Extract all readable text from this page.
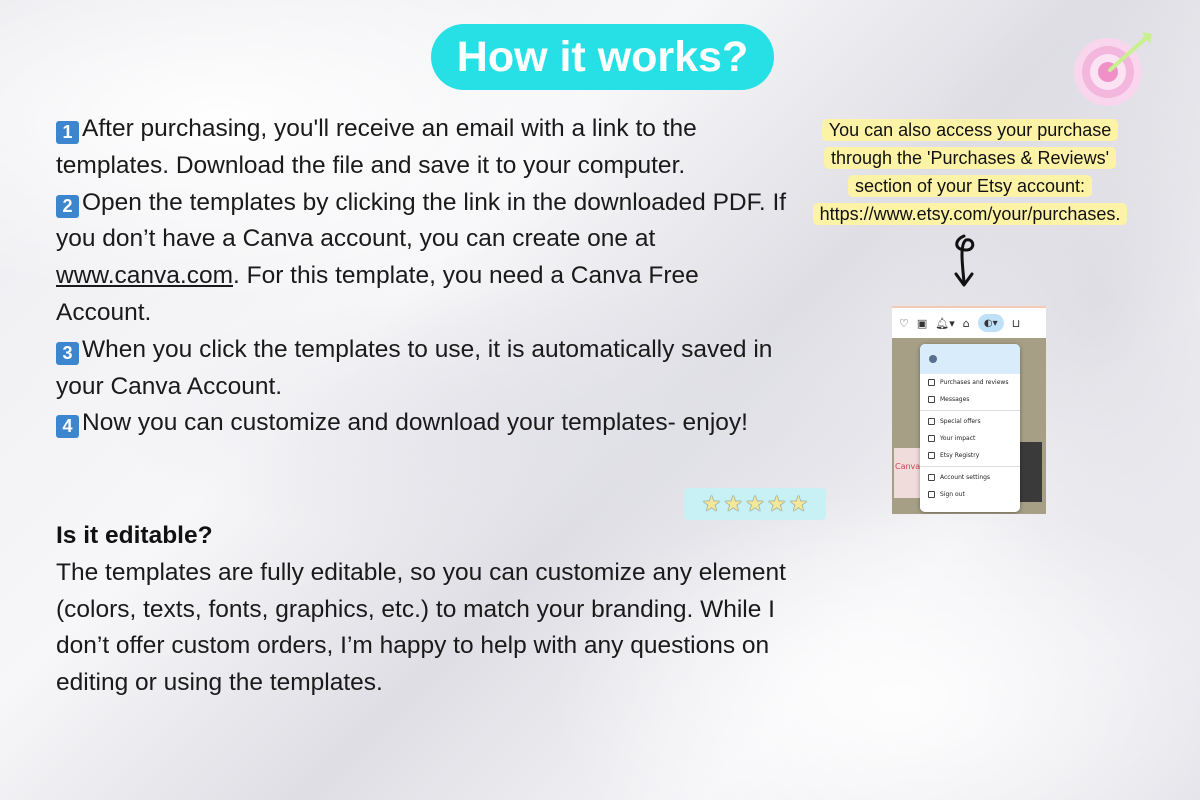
How it works?
1 After purchasing, you'll receive an email with a link to the templates. Download the file and save it to your computer.
2 Open the templates by clicking the link in the downloaded PDF. If you don’t have a Canva account, you can create one at www.canva.com. For this template, you need a Canva Free Account.
3 When you click the templates to use, it is automatically saved in your Canva Account.
4 Now you can customize and download your templates- enjoy!
★ ★ ★ ★ ★
Is it editable?

The templates are fully editable, so you can customize any element (colors, texts, fonts, graphics, etc.) to match your branding. While I don’t offer custom orders, I’m happy to help with any questions on editing or using the templates.

You can also access your purchase
through the 'Purchases & Reviews'
section of your Etsy account:
https://www.etsy.com/your/purchases.
♡ ▣ 🔔︎▾ ⌂	◐▾	⊔
Canva
Purchases and reviews
Messages
Special offers
Your impact
Etsy Registry
Account settings
Sign out
